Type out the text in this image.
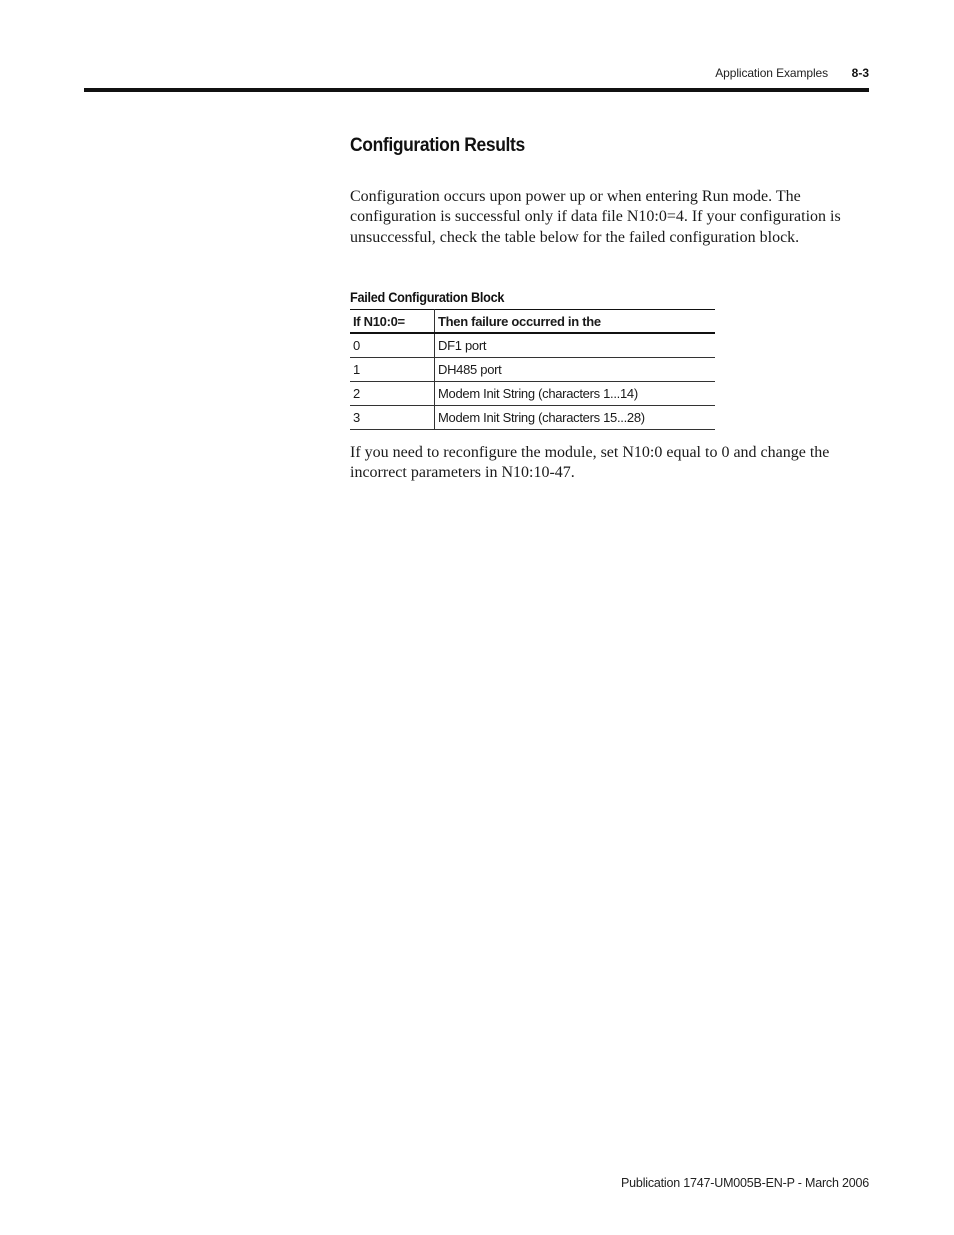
Application Examples 8-3
Configuration Results
Configuration occurs upon power up or when entering Run mode. The configuration is successful only if data file N10:0=4. If your configuration is unsuccessful, check the table below for the failed configuration block.
Failed Configuration Block
If N10:0=	Then failure occurred in the
0	DF1 port
1	DH485 port
2	Modem Init String (characters 1...14)
3	Modem Init String (characters 15...28)
If you need to reconfigure the module, set N10:0 equal to 0 and change the incorrect parameters in N10:10-47.
Publication 1747-UM005B-EN-P - March 2006
